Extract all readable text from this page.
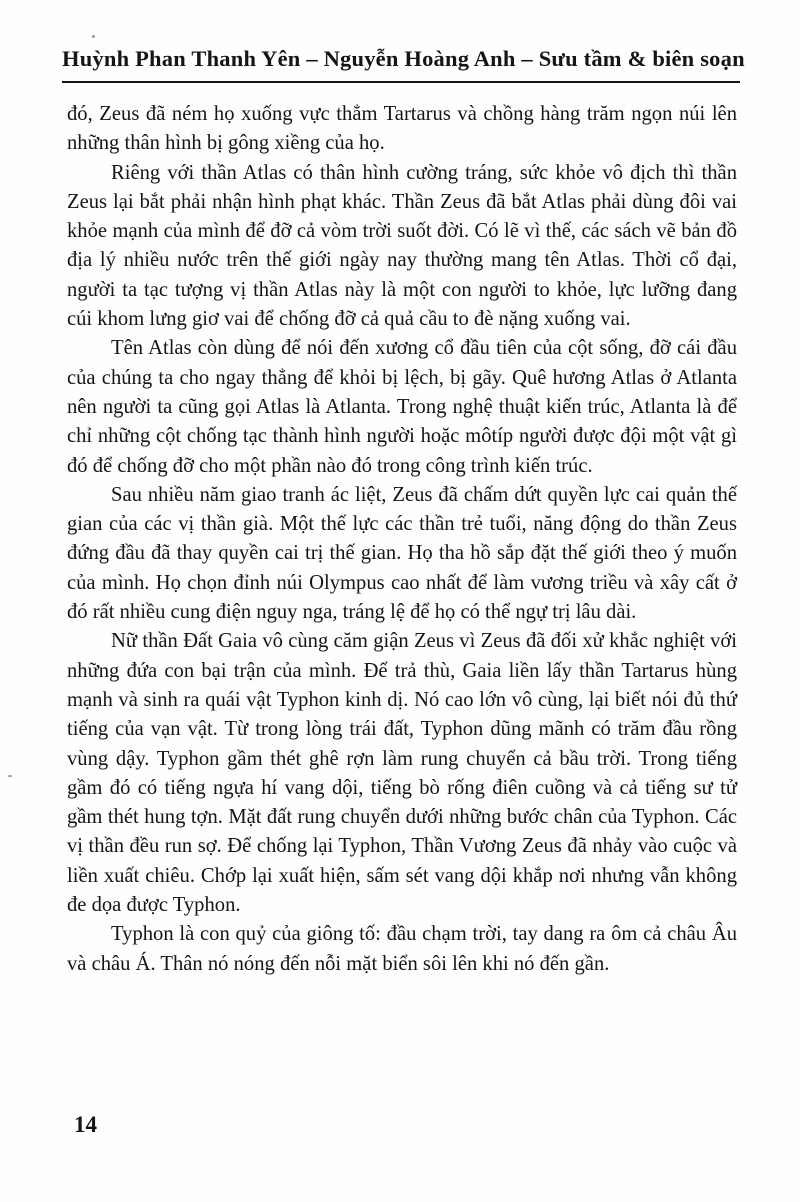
Huỳnh Phan Thanh Yên – Nguyễn Hoàng Anh – Sưu tầm & biên soạn

đó, Zeus đã ném họ xuống vực thẳm Tartarus và chồng hàng trăm ngọn núi lên những thân hình bị gông xiềng của họ.

Riêng với thần Atlas có thân hình cường tráng, sức khỏe vô địch thì thần Zeus lại bắt phải nhận hình phạt khác. Thần Zeus đã bắt Atlas phải dùng đôi vai khỏe mạnh của mình để đỡ cả vòm trời suốt đời. Có lẽ vì thế, các sách vẽ bản đồ địa lý nhiều nước trên thế giới ngày nay thường mang tên Atlas. Thời cổ đại, người ta tạc tượng vị thần Atlas này là một con người to khỏe, lực lưỡng đang cúi khom lưng giơ vai để chống đỡ cả quả cầu to đè nặng xuống vai.

Tên Atlas còn dùng để nói đến xương cổ đầu tiên của cột sống, đỡ cái đầu của chúng ta cho ngay thẳng để khỏi bị lệch, bị gãy. Quê hương Atlas ở Atlanta nên người ta cũng gọi Atlas là Atlanta. Trong nghệ thuật kiến trúc, Atlanta là để chỉ những cột chống tạc thành hình người hoặc môtíp người được đội một vật gì đó để chống đỡ cho một phần nào đó trong công trình kiến trúc.

Sau nhiều năm giao tranh ác liệt, Zeus đã chấm dứt quyền lực cai quản thế gian của các vị thần già. Một thế lực các thần trẻ tuổi, năng động do thần Zeus đứng đầu đã thay quyền cai trị thế gian. Họ tha hồ sắp đặt thế giới theo ý muốn của mình. Họ chọn đỉnh núi Olympus cao nhất để làm vương triều và xây cất ở đó rất nhiều cung điện nguy nga, tráng lệ để họ có thể ngự trị lâu dài.

Nữ thần Đất Gaia vô cùng căm giận Zeus vì Zeus đã đối xử khắc nghiệt với những đứa con bại trận của mình. Để trả thù, Gaia liền lấy thần Tartarus hùng mạnh và sinh ra quái vật Typhon kinh dị. Nó cao lớn vô cùng, lại biết nói đủ thứ tiếng của vạn vật. Từ trong lòng trái đất, Typhon dũng mãnh có trăm đầu rồng vùng dậy. Typhon gầm thét ghê rợn làm rung chuyển cả bầu trời. Trong tiếng gầm đó có tiếng ngựa hí vang dội, tiếng bò rống điên cuồng và cả tiếng sư tử gầm thét hung tợn. Mặt đất rung chuyển dưới những bước chân của Typhon. Các vị thần đều run sợ. Để chống lại Typhon, Thần Vương Zeus đã nhảy vào cuộc và liền xuất chiêu. Chớp lại xuất hiện, sấm sét vang dội khắp nơi nhưng vẫn không đe dọa được Typhon.

Typhon là con quỷ của giông tố: đầu chạm trời, tay dang ra ôm cả châu Âu và châu Á. Thân nó nóng đến nỗi mặt biển sôi lên khi nó đến gần.

14
